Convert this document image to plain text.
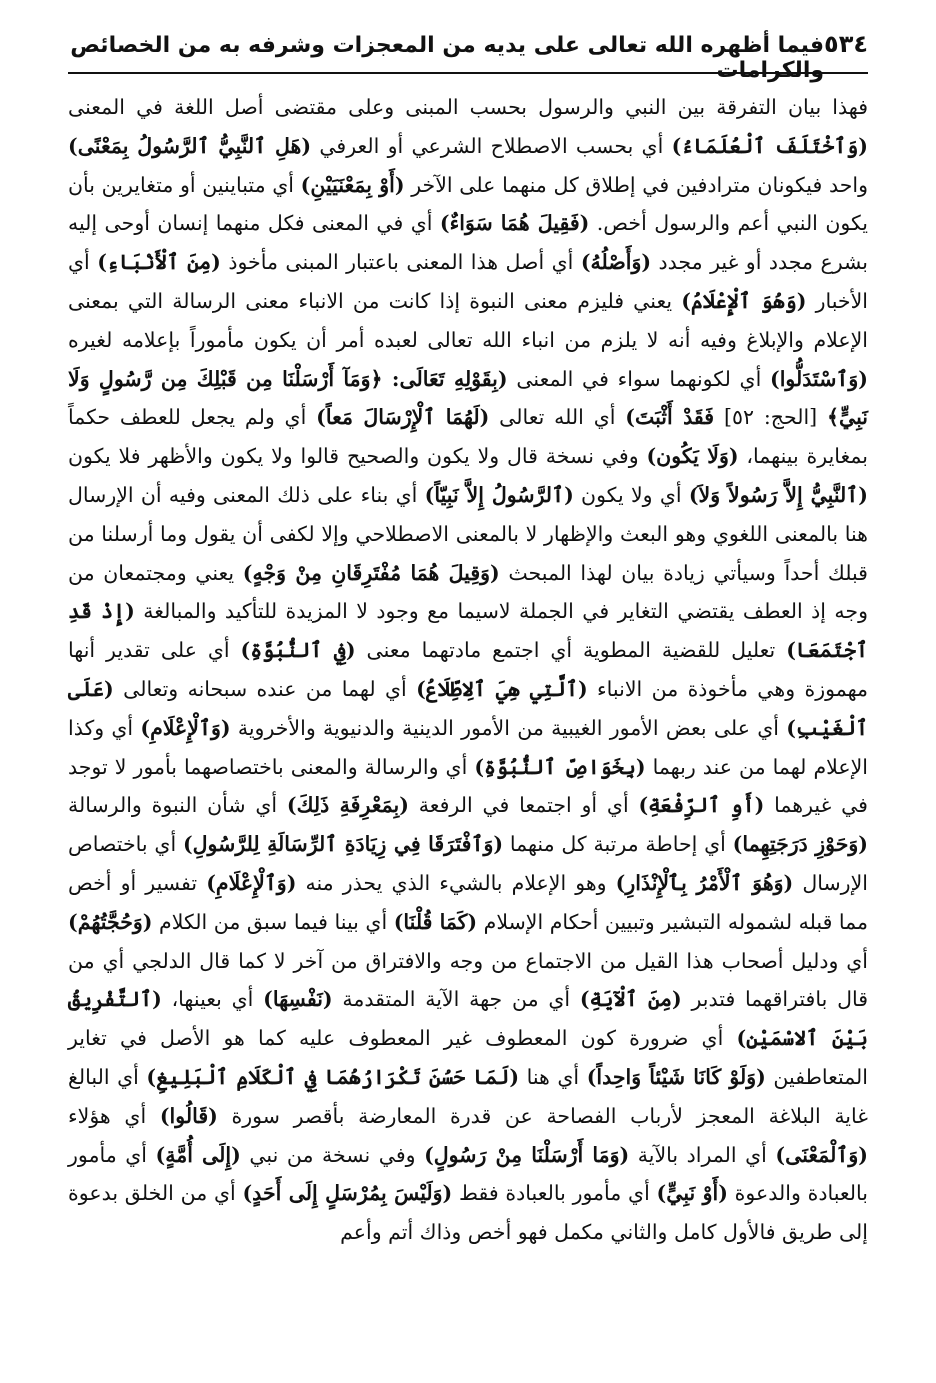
٥٣٤
فيما أظهره الله تعالى على يديه من المعجزات وشرفه به من الخصائص والكرامات

فهذا بيان التفرقة بين النبي والرسول بحسب المبنى وعلى مقتضى أصل اللغة في المعنى (وَٱخْتَلَفَ ٱلْعُلَمَاءُ) أي بحسب الاصطلاح الشرعي أو العرفي (هَلِ ٱلنَّبِيُّ ٱلرَّسُولُ بِمَعْنًى) واحد فيكونان مترادفين في إطلاق كل منهما على الآخر (أَوْ بِمَعْنَيَيْنِ) أي متباينين أو متغايرين بأن يكون النبي أعم والرسول أخص. (فَقِيلَ هُمَا سَوَاءٌ) أي في المعنى فكل منهما إنسان أوحى إليه بشرع مجدد أو غير مجدد (وَأَصْلُهُ) أي أصل هذا المعنى باعتبار المبنى مأخوذ (مِنَ ٱلْأَنْبَاءِ) أي الأخبار (وَهُوَ ٱلْإِعْلَامُ) يعني فليزم معنى النبوة إذا كانت من الانباء معنى الرسالة التي بمعنى الإعلام والإبلاغ وفيه أنه لا يلزم من انباء الله تعالى لعبده أمر أن يكون مأموراً بإعلامه لغيره (وَٱسْتَدَلُّوا) أي لكونهما سواء في المعنى (بِقَوْلِهِ تَعَالَى: ﴿وَمَآ أَرْسَلْنَا مِن قَبْلِكَ مِن رَّسُولٍ وَلَا نَبِيٍّ﴾ [الحج: ٥٢] فَقَدْ أَثْبَتَ) أي الله تعالى (لَهُمَا ٱلْإِرْسَالَ مَعاً) أي ولم يجعل للعطف حكماً بمغايرة بينهما، (وَلَا يَكُون) وفي نسخة قال ولا يكون والصحيح قالوا ولا يكون والأظهر فلا يكون (ٱلنَّبِيُّ إِلاَّ رَسُولاً وَلاَ) أي ولا يكون (ٱلرَّسُولُ إِلاَّ نَبِيّاً) أي بناء على ذلك المعنى وفيه أن الإرسال هنا بالمعنى اللغوي وهو البعث والإظهار لا بالمعنى الاصطلاحي وإلا لكفى أن يقول وما أرسلنا من قبلك أحداً وسيأتي زيادة بيان لهذا المبحث (وَقِيلَ هُمَا مُفْتَرِقَانِ مِنْ وَجْهٍ) يعني ومجتمعان من وجه إذ العطف يقتضي التغاير في الجملة لاسيما مع وجود لا المزيدة للتأكيد والمبالغة (إِذْ قَدِ ٱجْتَمَعَا) تعليل للقضية المطوية أي اجتمع مادتهما معنى (فِي ٱلنُّبُوَّةِ) أي على تقدير أنها مهموزة وهي مأخوذة من الانباء (ٱلَّتِي هِيَ ٱلِاطِّلَاعُ) أي لهما من عنده سبحانه وتعالى (عَلَى ٱلْغَيْبِ) أي على بعض الأمور الغيبية من الأمور الدينية والدنيوية والأخروية (وَٱلْإِعْلَامِ) أي وكذا الإعلام لهما من عند ربهما (بِخَوَاصِّ ٱلنُّبُوَّةِ) أي والرسالة والمعنى باختصاصهما بأمور لا توجد في غيرهما (أَوِ ٱلرِّفْعَةِ) أي أو اجتمعا في الرفعة (بِمَعْرِفَةِ ذَلِكَ) أي شأن النبوة والرسالة (وَحَوْزِ دَرَجَتِهِما) أي إحاطة مرتبة كل منهما (وَٱفْتَرَقَا فِي زِيَادَةِ ٱلرِّسَالَةِ لِلرَّسُولِ) أي باختصاص الإرسال (وَهُوَ ٱلْأَمْرُ بِٱلْإِنْذَارِ) وهو الإعلام بالشيء الذي يحذر منه (وَٱلْإِعْلَامِ) تفسير أو أخص مما قبله لشموله التبشير وتبيين أحكام الإسلام (كَمَا قُلْنَا) أي بينا فيما سبق من الكلام (وَحُجَّتُهُمْ) أي ودليل أصحاب هذا القيل من الاجتماع من وجه والافتراق من آخر لا كما قال الدلجي أي من قال بافتراقهما فتدبر (مِنَ ٱلْآيَةِ) أي من جهة الآية المتقدمة (نَفْسِهَا) أي بعينها، (ٱلتَّفْرِيقُ بَيْنَ ٱلاسْمَيْنِ) أي ضرورة كون المعطوف غير المعطوف عليه كما هو الأصل في تغاير المتعاطفين (وَلَوْ كَانَا شَيْئاً وَاحِداً) أي هنا (لَمَا حَسُنَ تَكْرَارُهُمَا فِي ٱلْكَلَامِ ٱلْبَلِيغِ) أي البالغ غاية البلاغة المعجز لأرباب الفصاحة عن قدرة المعارضة بأقصر سورة (قَالُوا) أي هؤلاء (وَٱلْمَعْنَى) أي المراد بالآية (وَمَا أَرْسَلْنَا مِنْ رَسُولٍ) وفي نسخة من نبي (إِلَى أُمَّةٍ) أي مأمور بالعبادة والدعوة (أَوْ نَبِيٍّ) أي مأمور بالعبادة فقط (وَلَيْسَ بِمُرْسَلٍ إِلَى أَحَدٍ) أي من الخلق بدعوة إلى طريق فالأول كامل والثاني مكمل فهو أخص وذاك أتم وأعم
